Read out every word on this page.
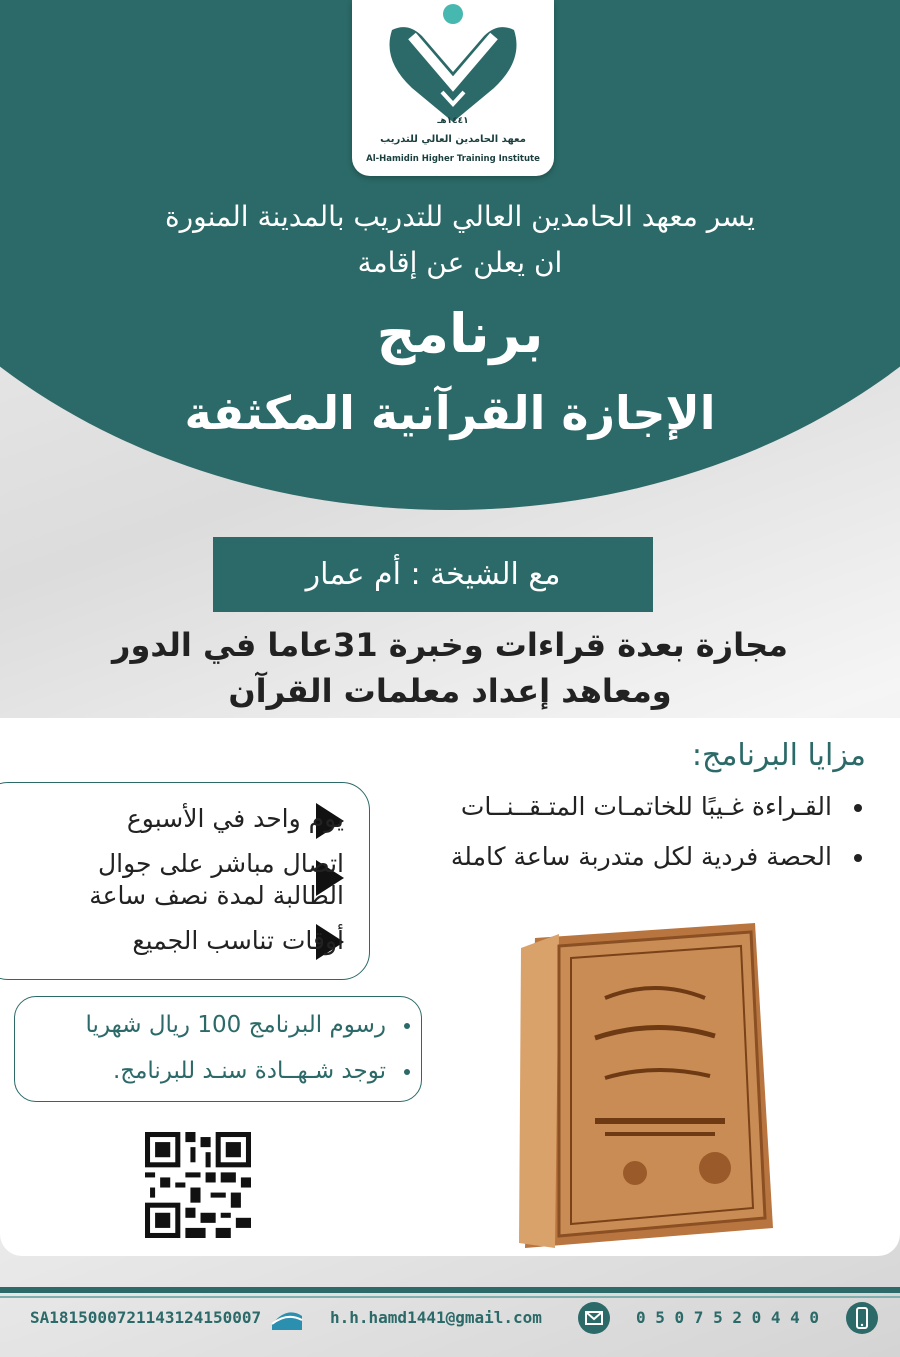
١٤٤١هـ
معهد الحامدين العالي للتدريب
Al-Hamidin Higher Training Institute
يسر معهد الحامدين العالي للتدريب بالمدينة المنورة
ان يعلن عن إقامة
برنامج
الإجازة القرآنية المكثفة
مع الشيخة : أم عمار
مجازة بعدة قراءات وخبرة 31عاما في الدور
ومعاهد إعداد معلمات القرآن
مزايا البرنامج:
القـراءة غـيبًا للخاتمـات المتـقــنــات
الحصة فردية لكل متدربة ساعة كاملة
يوم واحد في الأسبوع
اتصال مباشر على جوال
الطالبة لمدة نصف ساعة
أوقات تناسب الجميع
رسوم البرنامج 100 ريال شهريا
توجد شـهــادة سنـد للبرنامج.
SA1815000721143124150007	h.h.hamd1441@gmail.com	0 5 0 7 5 2 0 4 4 0
